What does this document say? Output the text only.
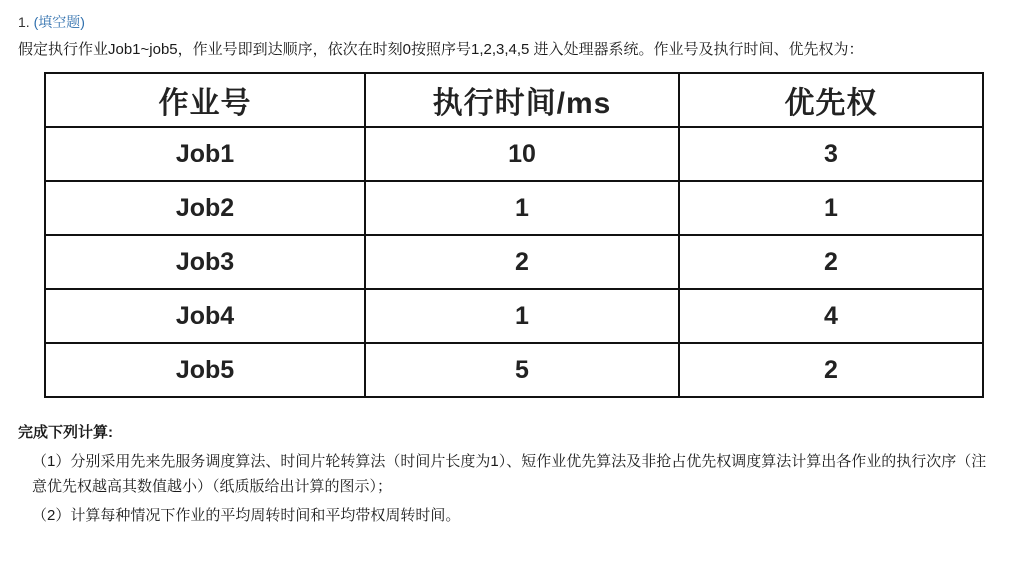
1. (填空题)
假定执行作业Job1~job5，作业号即到达顺序，依次在时刻0按照序号1,2,3,4,5 进入处理器系统。作业号及执行时间、优先权为：
作业号	执行时间/ms	优先权
Job1	10	3
Job2	1	1
Job3	2	2
Job4	1	4
Job5	5	2

完成下列计算:

（1）分别采用先来先服务调度算法、时间片轮转算法（时间片长度为1）、短作业优先算法及非抢占优先权调度算法计算出各作业的执行次序（注意优先权越高其数值越小）（纸质版给出计算的图示）；

（2）计算每种情况下作业的平均周转时间和平均带权周转时间。
